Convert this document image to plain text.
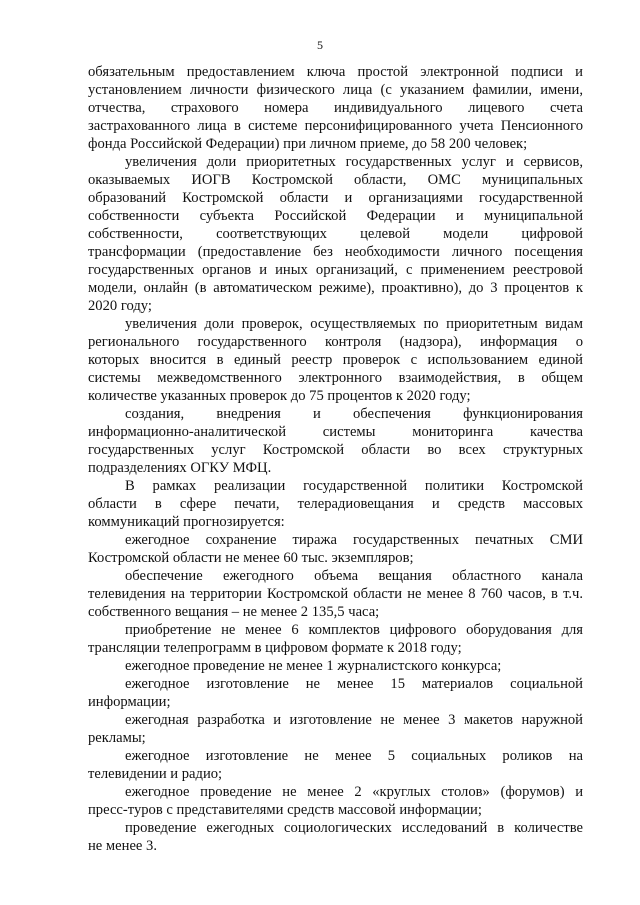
5
обязательным предоставлением ключа простой электронной подписи и
установлением личности физического лица (с указанием фамилии, имени,
отчества, страхового номера индивидуального лицевого счета
застрахованного лица в системе персонифицированного учета Пенсионного
фонда Российской Федерации) при личном приеме, до 58 200 человек;
увеличения доли приоритетных государственных услуг и сервисов,
оказываемых ИОГВ Костромской области, ОМС муниципальных
образований Костромской области и организациями государственной
собственности субъекта Российской Федерации и муниципальной
собственности, соответствующих целевой модели цифровой
трансформации (предоставление без необходимости личного посещения
государственных органов и иных организаций, с применением реестровой
модели, онлайн (в автоматическом режиме), проактивно), до 3 процентов к
2020 году;
увеличения доли проверок, осуществляемых по приоритетным видам
регионального государственного контроля (надзора), информация о
которых вносится в единый реестр проверок с использованием единой
системы межведомственного электронного взаимодействия, в общем
количестве указанных проверок до 75 процентов к 2020 году;
создания, внедрения и обеспечения функционирования
информационно-аналитической системы мониторинга качества
государственных услуг Костромской области во всех структурных
подразделениях ОГКУ МФЦ.
В рамках реализации государственной политики Костромской
области в сфере печати, телерадиовещания и средств массовых
коммуникаций прогнозируется:
ежегодное сохранение тиража государственных печатных СМИ
Костромской области не менее 60 тыс. экземпляров;
обеспечение ежегодного объема вещания областного канала
телевидения на территории Костромской области не менее 8 760 часов, в т.ч.
собственного вещания – не менее 2 135,5 часа;
приобретение не менее 6 комплектов цифрового оборудования для
трансляции телепрограмм в цифровом формате к 2018 году;
ежегодное проведение не менее 1 журналистского конкурса;
ежегодное изготовление не менее 15 материалов социальной
информации;
ежегодная разработка и изготовление не менее 3 макетов наружной
рекламы;
ежегодное изготовление не менее 5 социальных роликов на
телевидении и радио;
ежегодное проведение не менее 2 «круглых столов» (форумов) и
пресс-туров с представителями средств массовой информации;
проведение ежегодных социологических исследований в количестве
не менее 3.
